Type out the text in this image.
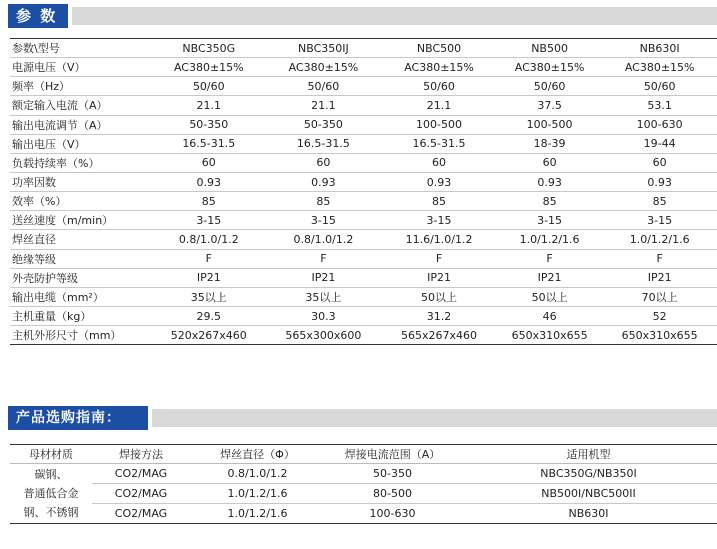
参 数
参数\型号	NBC350G	NBC350IJ	NBC500	NB500	NB630I
电源电压（V）	AC380±15%	AC380±15%	AC380±15%	AC380±15%	AC380±15%
频率（Hz）	50/60	50/60	50/60	50/60	50/60
额定输入电流（A）	21.1	21.1	21.1	37.5	53.1
输出电流调节（A）	50-350	50-350	100-500	100-500	100-630
输出电压（V）	16.5-31.5	16.5-31.5	16.5-31.5	18-39	19-44
负载持续率（%）	60	60	60	60	60
功率因数	0.93	0.93	0.93	0.93	0.93
效率（%）	85	85	85	85	85
送丝速度（m/min）	3-15	3-15	3-15	3-15	3-15
焊丝直径	0.8/1.0/1.2	0.8/1.0/1.2	11.6/1.0/1.2	1.0/1.2/1.6	1.0/1.2/1.6
绝缘等级	F	F	F	F	F
外壳防护等级	IP21	IP21	IP21	IP21	IP21
输出电缆（mm²）	35以上	35以上	50以上	50以上	70以上
主机重量（kg）	29.5	30.3	31.2	46	52
主机外形尺寸（mm）	520x267x460	565x300x600	565x267x460	650x310x655	650x310x655
产品选购指南：
母材材质	焊接方法	焊丝直径（Φ）	焊接电流范围（A）	适用机型

碳钢、
普通低合金
钢、不锈钢	CO2/MAG	0.8/1.0/1.2	50-350	NBC350G/NB350I
	CO2/MAG	1.0/1.2/1.6	80-500	NB500I/NBC500II
	CO2/MAG	1.0/1.2/1.6	100-630	NB630I
